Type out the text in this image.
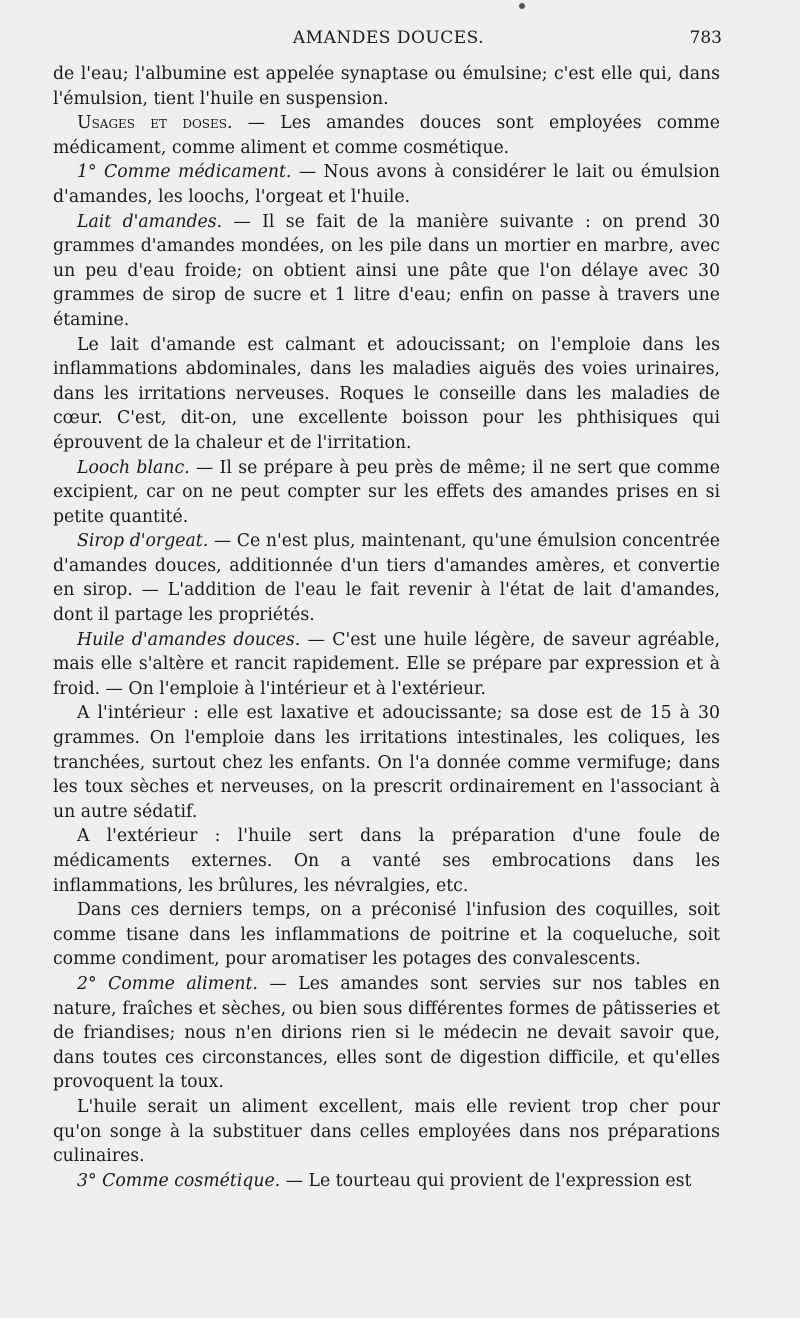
AMANDES DOUCES.	783

de l'eau; l'albumine est appelée synaptase ou émulsine; c'est elle qui, dans l'émulsion, tient l'huile en suspension.

Usages et doses. — Les amandes douces sont employées comme médicament, comme aliment et comme cosmétique.

1° Comme médicament. — Nous avons à considérer le lait ou émulsion d'amandes, les loochs, l'orgeat et l'huile.

Lait d'amandes. — Il se fait de la manière suivante : on prend 30 grammes d'amandes mondées, on les pile dans un mortier en marbre, avec un peu d'eau froide; on obtient ainsi une pâte que l'on délaye avec 30 grammes de sirop de sucre et 1 litre d'eau; enfin on passe à travers une étamine.

Le lait d'amande est calmant et adoucissant; on l'emploie dans les inflammations abdominales, dans les maladies aiguës des voies urinaires, dans les irritations nerveuses. Roques le conseille dans les maladies de cœur. C'est, dit-on, une excellente boisson pour les phthisiques qui éprouvent de la chaleur et de l'irritation.

Looch blanc. — Il se prépare à peu près de même; il ne sert que comme excipient, car on ne peut compter sur les effets des amandes prises en si petite quantité.

Sirop d'orgeat. — Ce n'est plus, maintenant, qu'une émulsion concentrée d'amandes douces, additionnée d'un tiers d'amandes amères, et convertie en sirop. — L'addition de l'eau le fait revenir à l'état de lait d'amandes, dont il partage les propriétés.

Huile d'amandes douces. — C'est une huile légère, de saveur agréable, mais elle s'altère et rancit rapidement. Elle se prépare par expression et à froid. — On l'emploie à l'intérieur et à l'extérieur.

A l'intérieur : elle est laxative et adoucissante; sa dose est de 15 à 30 grammes. On l'emploie dans les irritations intestinales, les coliques, les tranchées, surtout chez les enfants. On l'a donnée comme vermifuge; dans les toux sèches et nerveuses, on la prescrit ordinairement en l'associant à un autre sédatif.

A l'extérieur : l'huile sert dans la préparation d'une foule de médicaments externes. On a vanté ses embrocations dans les inflammations, les brûlures, les névralgies, etc.

Dans ces derniers temps, on a préconisé l'infusion des coquilles, soit comme tisane dans les inflammations de poitrine et la coqueluche, soit comme condiment, pour aromatiser les potages des convalescents.

2° Comme aliment. — Les amandes sont servies sur nos tables en nature, fraîches et sèches, ou bien sous différentes formes de pâtisseries et de friandises; nous n'en dirions rien si le médecin ne devait savoir que, dans toutes ces circonstances, elles sont de digestion difficile, et qu'elles provoquent la toux.

L'huile serait un aliment excellent, mais elle revient trop cher pour qu'on songe à la substituer dans celles employées dans nos préparations culinaires.

3° Comme cosmétique. — Le tourteau qui provient de l'expression est
